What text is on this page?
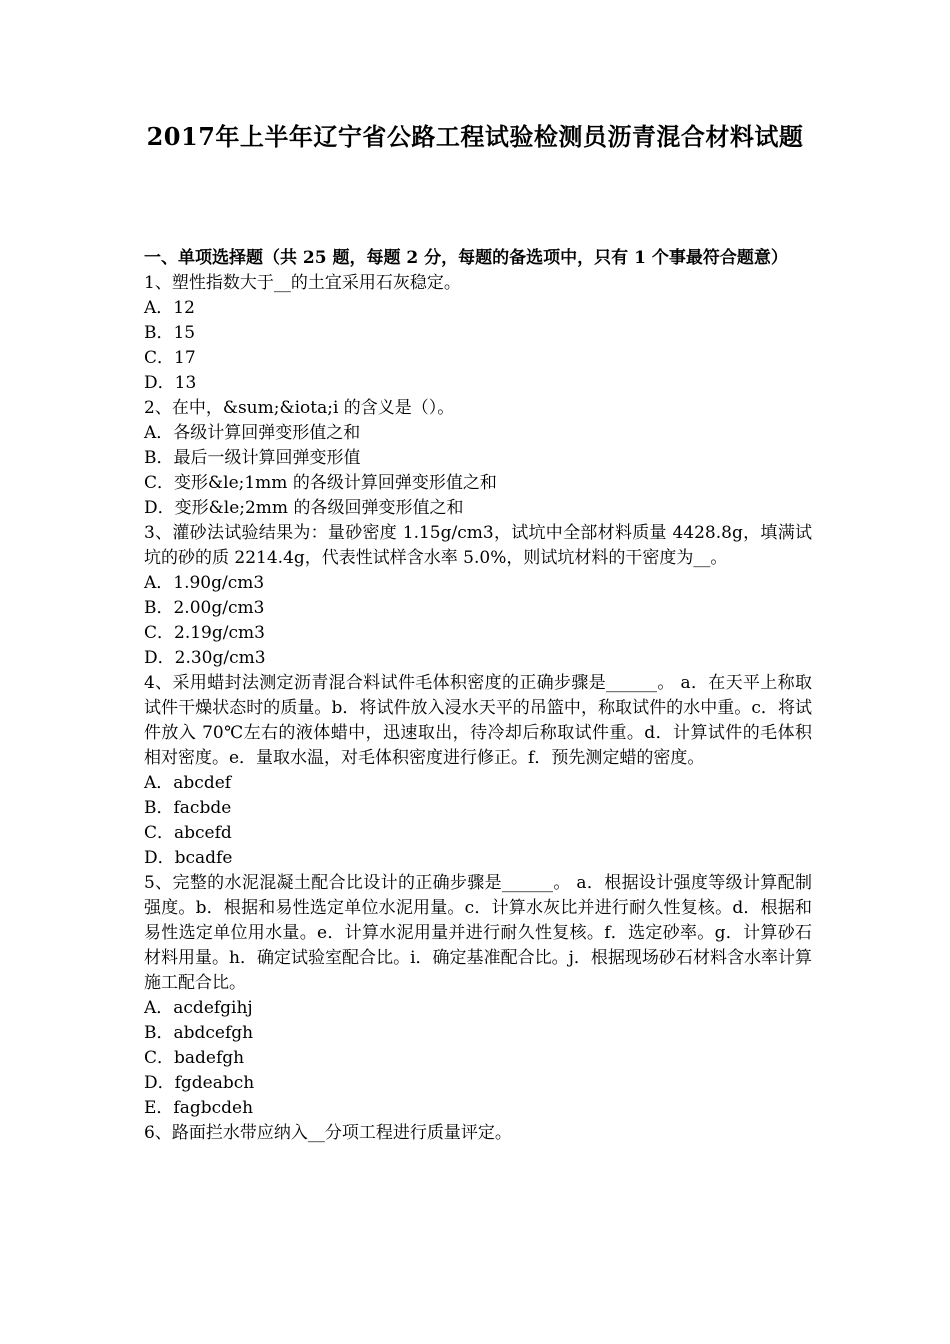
2017年上半年辽宁省公路工程试验检测员沥青混合材料试题
一、单项选择题（共 25 题，每题 2 分，每题的备选项中，只有 1 个事最符合题意）
1、塑性指数大于__的土宜采用石灰稳定。
A．12
B．15
C．17
D．13
2、在中，&sum;&iota;i 的含义是（）。
A．各级计算回弹变形值之和
B．最后一级计算回弹变形值
C．变形&le;1mm 的各级计算回弹变形值之和
D．变形&le;2mm 的各级回弹变形值之和
3、灌砂法试验结果为：量砂密度 1.15g/cm3，试坑中全部材料质量 4428.8g，填满试坑的砂的质 2214.4g，代表性试样含水率 5.0%，则试坑材料的干密度为__。
A．1.90g/cm3
B．2.00g/cm3
C．2.19g/cm3
D．2.30g/cm3
4、采用蜡封法测定沥青混合料试件毛体积密度的正确步骤是______。 a．在天平上称取试件干燥状态时的质量。b．将试件放入浸水天平的吊篮中，称取试件的水中重。c．将试件放入 70℃左右的液体蜡中，迅速取出，待冷却后称取试件重。d．计算试件的毛体积相对密度。e．量取水温，对毛体积密度进行修正。f．预先测定蜡的密度。
A．abcdef
B．facbde
C．abcefd
D．bcadfe
5、完整的水泥混凝土配合比设计的正确步骤是______。 a．根据设计强度等级计算配制强度。b．根据和易性选定单位水泥用量。c．计算水灰比并进行耐久性复核。d．根据和易性选定单位用水量。e．计算水泥用量并进行耐久性复核。f．选定砂率。g．计算砂石材料用量。h．确定试验室配合比。i．确定基准配合比。j．根据现场砂石材料含水率计算施工配合比。
A．acdefgihj
B．abdcefgh
C．badefgh
D．fgdeabch
E．fagbcdeh
6、路面拦水带应纳入__分项工程进行质量评定。
